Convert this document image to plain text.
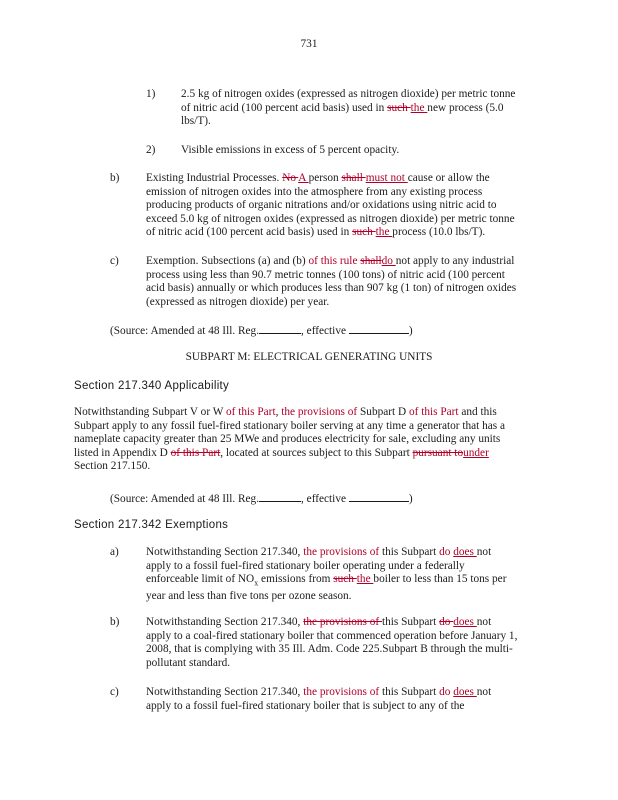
731
1) 2.5 kg of nitrogen oxides (expressed as nitrogen dioxide) per metric tonne
of nitric acid (100 percent acid basis) used in such the new process (5.0
lbs/T).
2) Visible emissions in excess of 5 percent opacity.
b) Existing Industrial Processes. No A person shall must not cause or allow the
emission of nitrogen oxides into the atmosphere from any existing process
producing products of organic nitrations and/or oxidations using nitric acid to
exceed 5.0 kg of nitrogen oxides (expressed as nitrogen dioxide) per metric tonne
of nitric acid (100 percent acid basis) used in such the process (10.0 lbs/T).
c) Exemption. Subsections (a) and (b) of this rule shalldo not apply to any industrial
process using less than 90.7 metric tonnes (100 tons) of nitric acid (100 percent
acid basis) annually or which produces less than 907 kg (1 ton) of nitrogen oxides
(expressed as nitrogen dioxide) per year.
(Source: Amended at 48 Ill. Reg.	, effective	)
SUBPART M: ELECTRICAL GENERATING UNITS
Section 217.340 Applicability
Notwithstanding Subpart V or W of this Part, the provisions of Subpart D of this Part and this
Subpart apply to any fossil fuel-fired stationary boiler serving at any time a generator that has a
nameplate capacity greater than 25 MWe and produces electricity for sale, excluding any units
listed in Appendix D of this Part, located at sources subject to this Subpart pursuant tounder
Section 217.150.
(Source: Amended at 48 Ill. Reg.	, effective	)
Section 217.342 Exemptions
a) Notwithstanding Section 217.340, the provisions of this Subpart do does not
apply to a fossil fuel-fired stationary boiler operating under a federally
enforceable limit of $NO_x$ emissions from such the boiler to less than 15 tons per
year and less than five tons per ozone season.
b) Notwithstanding Section 217.340, the provisions of this Subpart do does not
apply to a coal-fired stationary boiler that commenced operation before January 1,
2008, that is complying with 35 Ill. Adm. Code 225.Subpart B through the multi-
pollutant standard.
c) Notwithstanding Section 217.340, the provisions of this Subpart do does not
apply to a fossil fuel-fired stationary boiler that is subject to any of the
